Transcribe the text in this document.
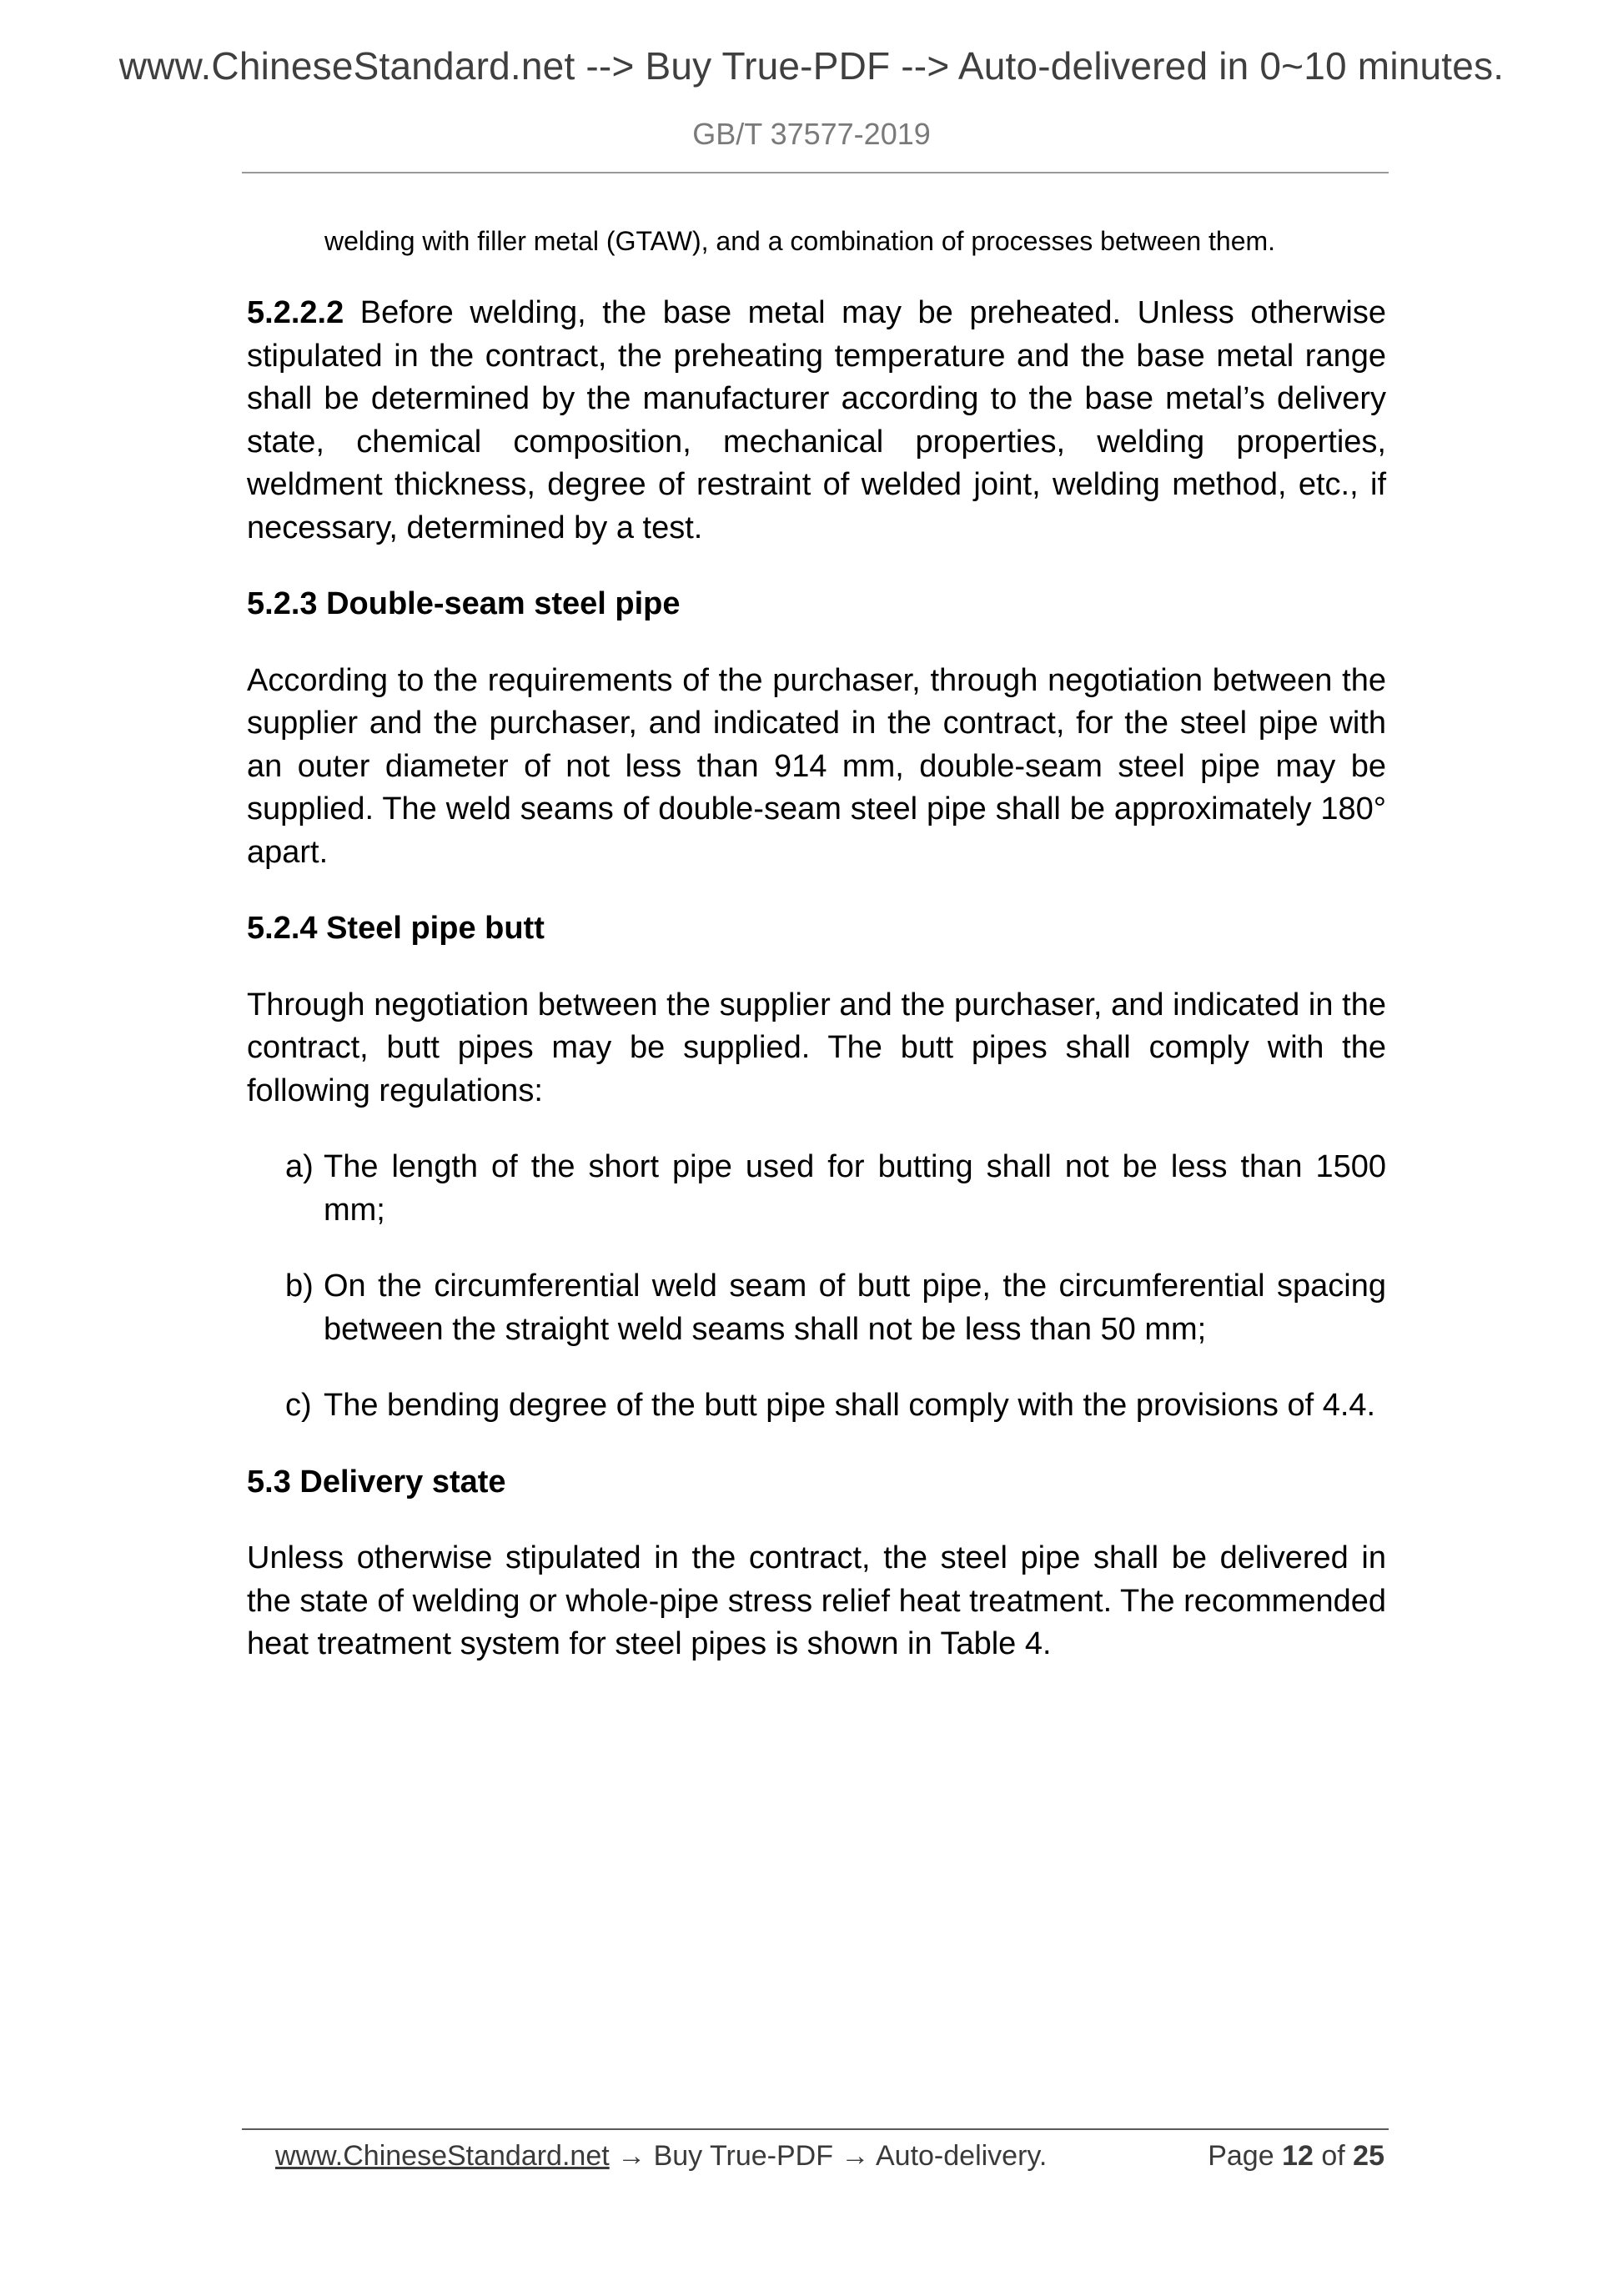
www.ChineseStandard.net --> Buy True-PDF --> Auto-delivered in 0~10 minutes.
GB/T 37577-2019

welding with filler metal (GTAW), and a combination of processes between them.

5.2.2.2 Before welding, the base metal may be preheated. Unless otherwise stipulated in the contract, the preheating temperature and the base metal range shall be determined by the manufacturer according to the base metal’s delivery state, chemical composition, mechanical properties, welding properties, weldment thickness, degree of restraint of welded joint, welding method, etc., if necessary, determined by a test.

5.2.3 Double-seam steel pipe

According to the requirements of the purchaser, through negotiation between the supplier and the purchaser, and indicated in the contract, for the steel pipe with an outer diameter of not less than 914 mm, double-seam steel pipe may be supplied. The weld seams of double-seam steel pipe shall be approximately 180° apart.

5.2.4 Steel pipe butt

Through negotiation between the supplier and the purchaser, and indicated in the contract, butt pipes may be supplied. The butt pipes shall comply with the following regulations:

a) The length of the short pipe used for butting shall not be less than 1500 mm;

b) On the circumferential weld seam of butt pipe, the circumferential spacing between the straight weld seams shall not be less than 50 mm;

c) The bending degree of the butt pipe shall comply with the provisions of 4.4.

5.3 Delivery state

Unless otherwise stipulated in the contract, the steel pipe shall be delivered in the state of welding or whole-pipe stress relief heat treatment. The recommended heat treatment system for steel pipes is shown in Table 4.

www.ChineseStandard.net → Buy True-PDF → Auto-delivery.	Page 12 of 25
